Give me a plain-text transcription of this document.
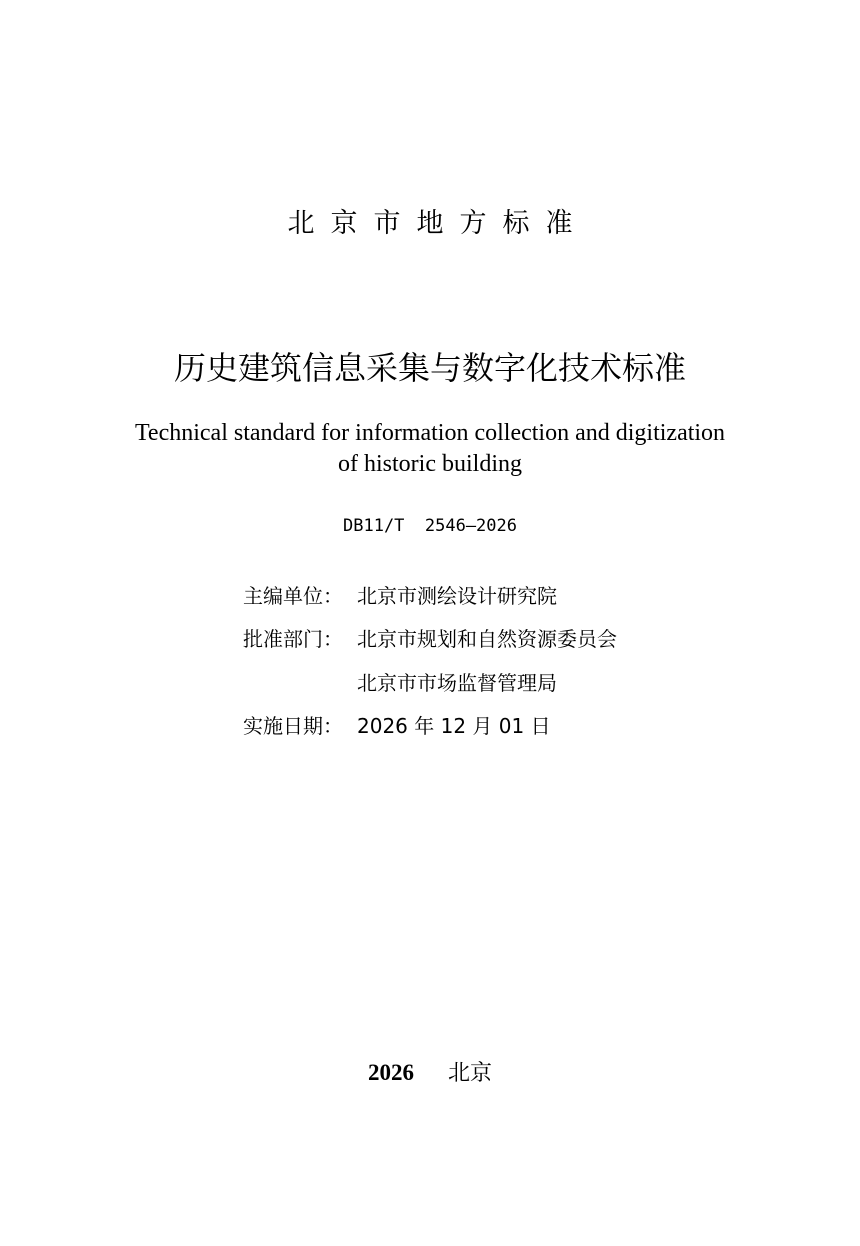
北京市地方标准
历史建筑信息采集与数字化技术标准
Technical standard for information collection and digitization
of historic building
DB11/T  2546—2026
主编单位： 北京市测绘设计研究院
批准部门： 北京市规划和自然资源委员会
北京市市场监督管理局
实施日期： 2026 年 12 月 01 日
2026 北京
